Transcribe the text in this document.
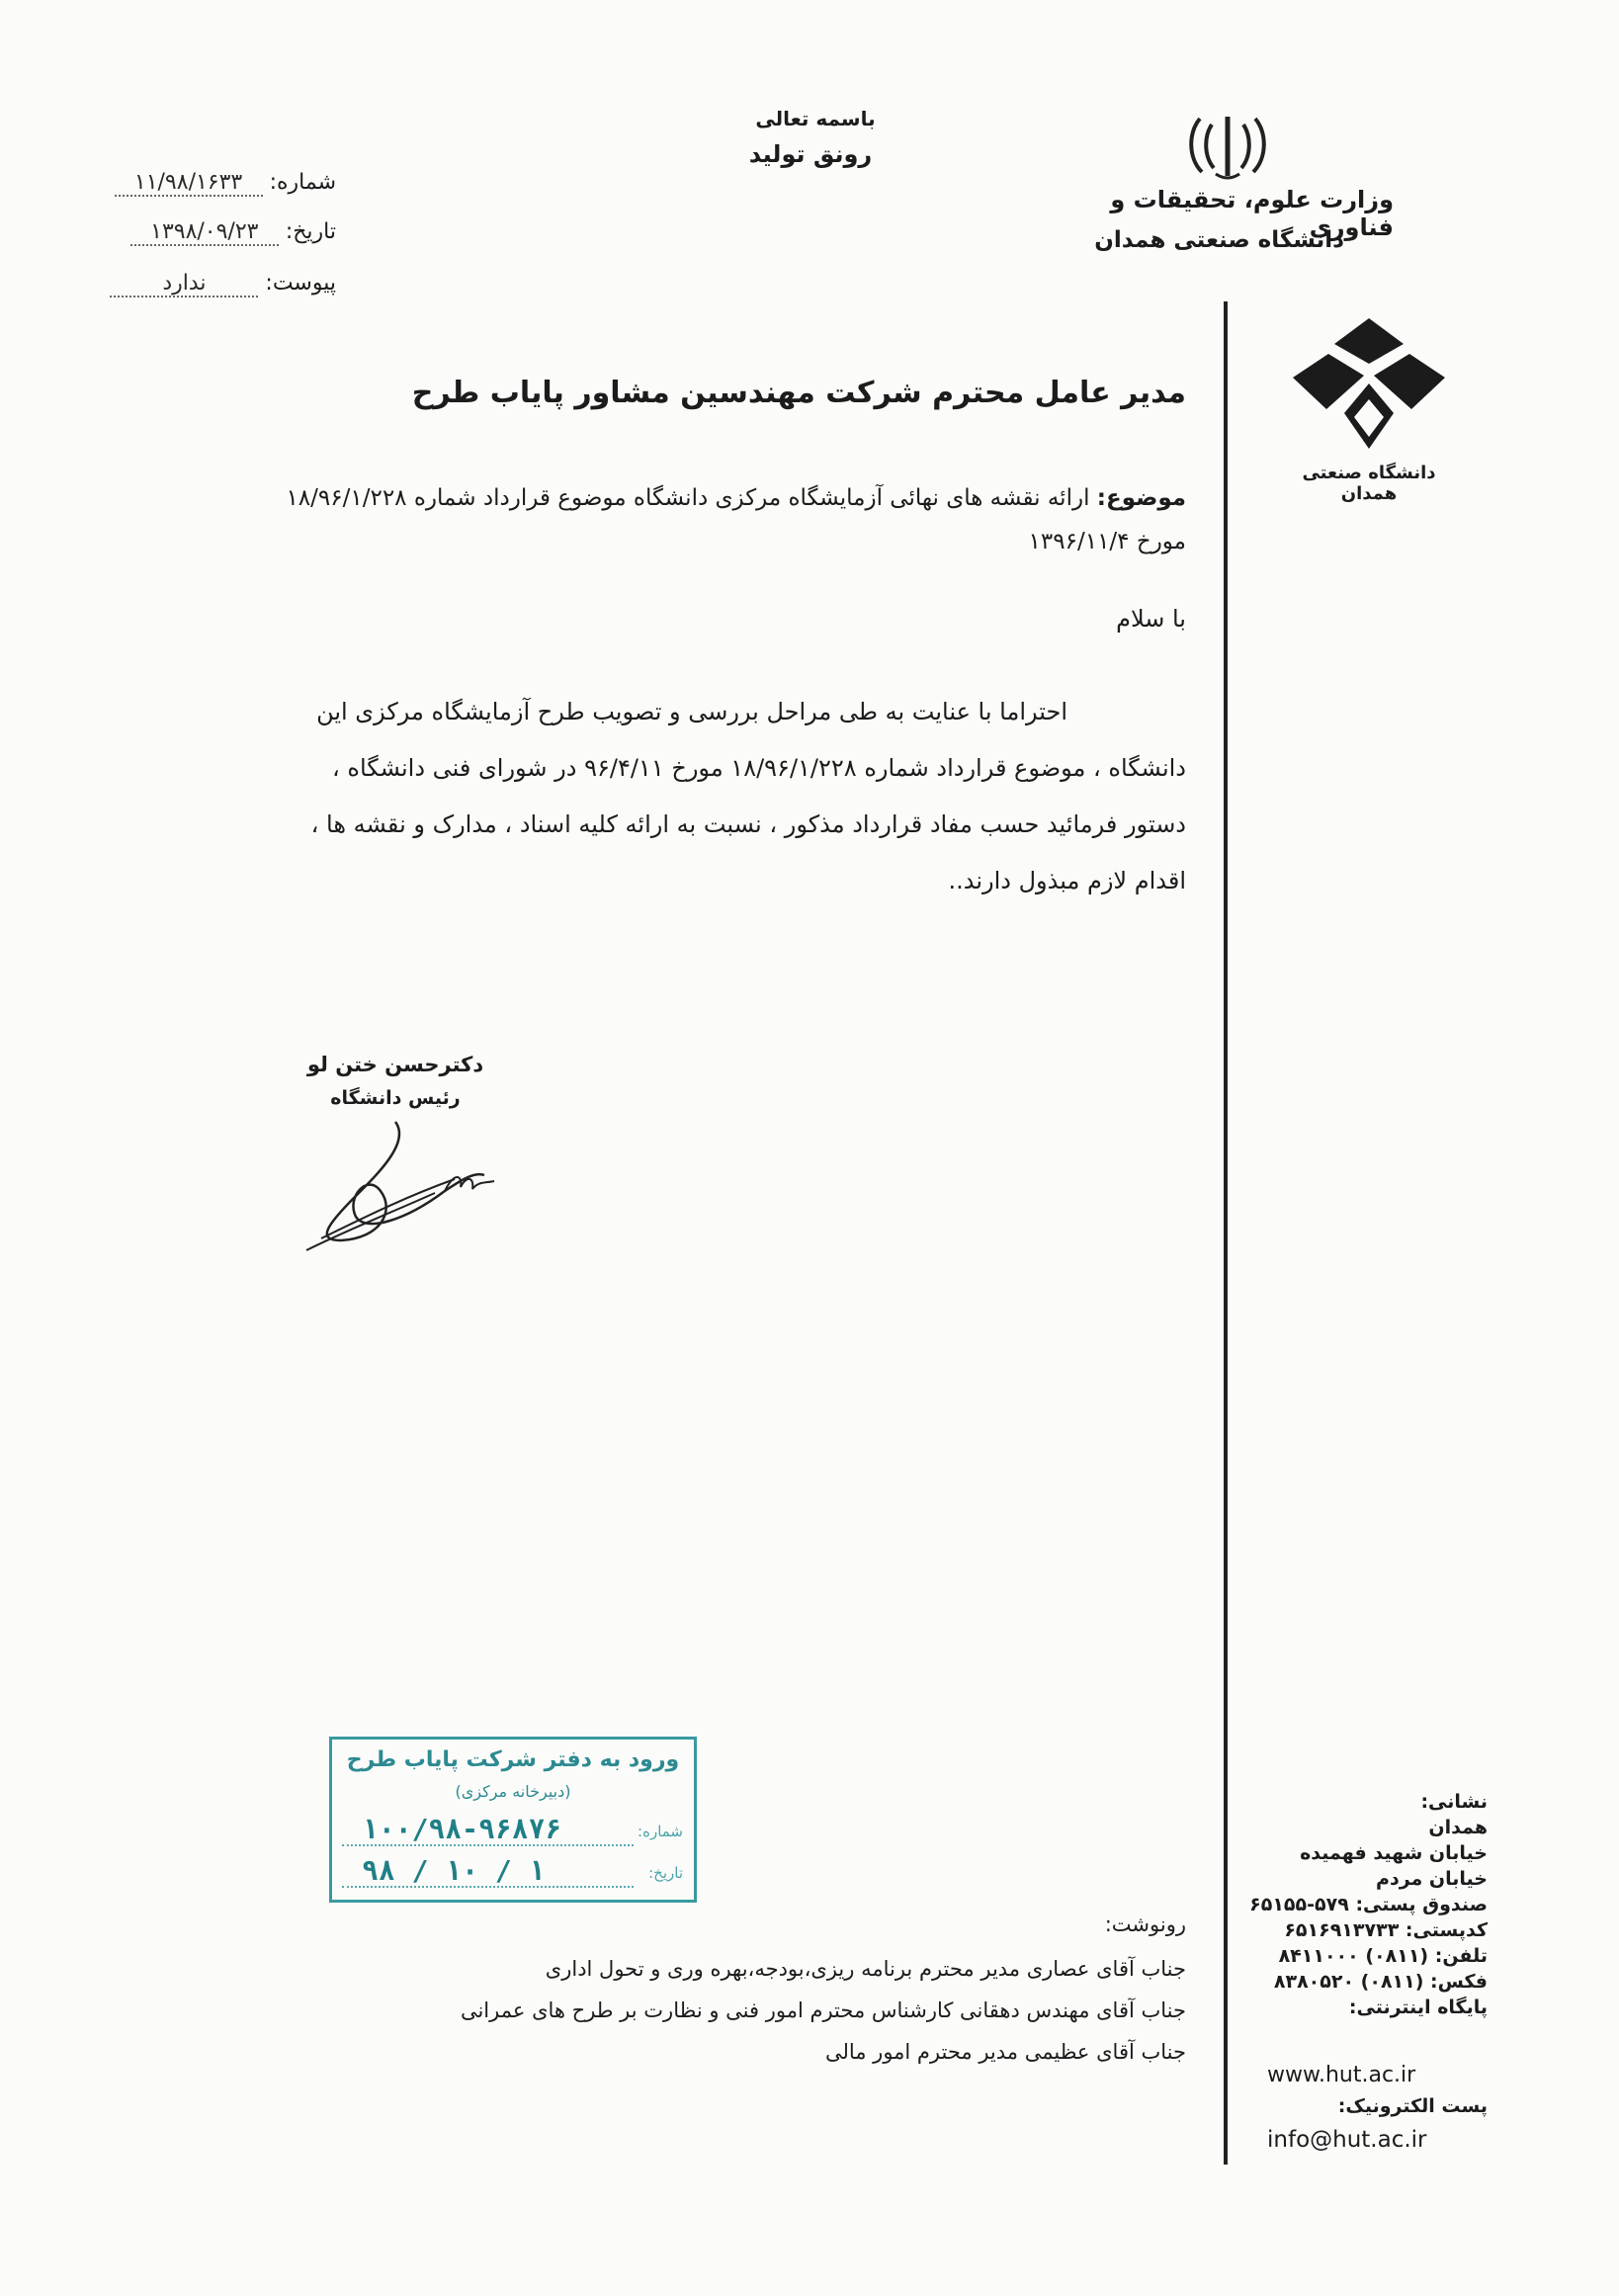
باسمه تعالی
رونق تولید
وزارت علوم، تحقیقات و فناوری
دانشگاه صنعتی همدان
شماره: ۱۱/۹۸/۱۶۳۳
تاریخ: ۱۳۹۸/۰۹/۲۳
پیوست: ندارد
دانشگاه صنعتی همدان
مدیر عامل محترم شرکت مهندسین مشاور پایاب طرح
موضوع: ارائه نقشه های نهائی آزمایشگاه مرکزی دانشگاه موضوع قرارداد شماره ۱۸/۹۶/۱/۲۲۸
مورخ ۱۳۹۶/۱۱/۴
با سلام
احتراما با عنایت به طی مراحل بررسی و تصویب طرح آزمایشگاه مرکزی این
دانشگاه ، موضوع قرارداد شماره ۱۸/۹۶/۱/۲۲۸ مورخ ۹۶/۴/۱۱ در شورای فنی دانشگاه ،
دستور فرمائید حسب مفاد قرارداد مذکور ، نسبت به ارائه کلیه اسناد ، مدارک و نقشه ها ،
اقدام لازم مبذول دارند..
دکترحسن ختن لو
رئیس دانشگاه
ورود به دفتر شرکت پایاب طرح
(دبیرخانه مرکزی)
شماره:
۱۰۰/۹۸-۹۶۸۷۶
تاریخ:
۹۸ / ۱۰ / ۱
رونوشت:
جناب آقای عصاری مدیر محترم برنامه ریزی،بودجه،بهره وری و تحول اداری
جناب آقای مهندس دهقانی کارشناس محترم امور فنی و نظارت بر طرح های عمرانی
جناب آقای عظیمی مدیر محترم امور مالی
نشانی:
همدان
خیابان شهید فهمیده
خیابان مردم
صندوق پستی: ۶۵۱۵۵-۵۷۹
کدپستی: ۶۵۱۶۹۱۳۷۳۳
تلفن: ۸۴۱۱۰۰۰ (۰۸۱۱)
فکس: ۸۳۸۰۵۲۰ (۰۸۱۱)
پایگاه اینترنتی:
www.hut.ac.ir
پست الکترونیک:
info@hut.ac.ir
